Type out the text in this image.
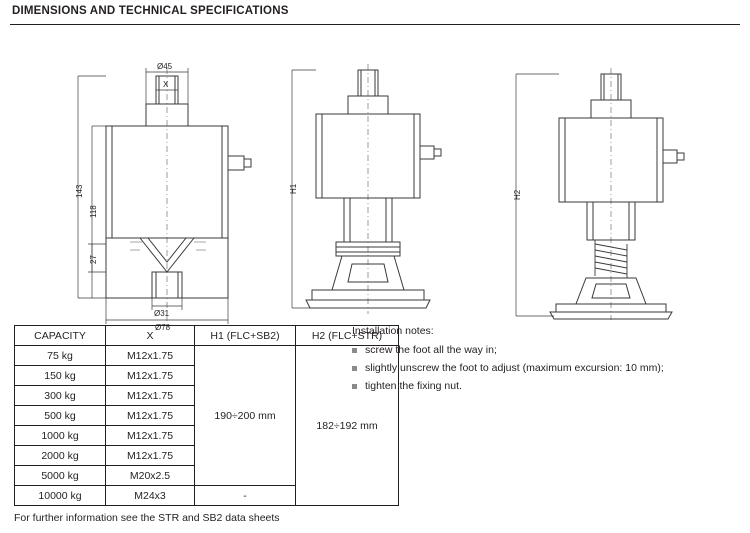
DIMENSIONS AND TECHNICAL SPECIFICATIONS
Ø45
X
143
118
27
Ø31
Ø78
H1
H2
CAPACITY	X	H1 (FLC+SB2)	H2 (FLC+STR)
75 kg	M12x1.75	190÷200 mm	182÷192 mm
150 kg	M12x1.75		
300 kg	M12x1.75		
500 kg	M12x1.75		
1000 kg	M12x1.75		
2000 kg	M12x1.75		
5000 kg	M20x2.5		
10000 kg	M24x3	-	
For further information see the STR and SB2 data sheets
Installation notes:
screw the foot all the way in;
slightly unscrew the foot to adjust (maximum excursion: 10 mm);
tighten the fixing nut.
